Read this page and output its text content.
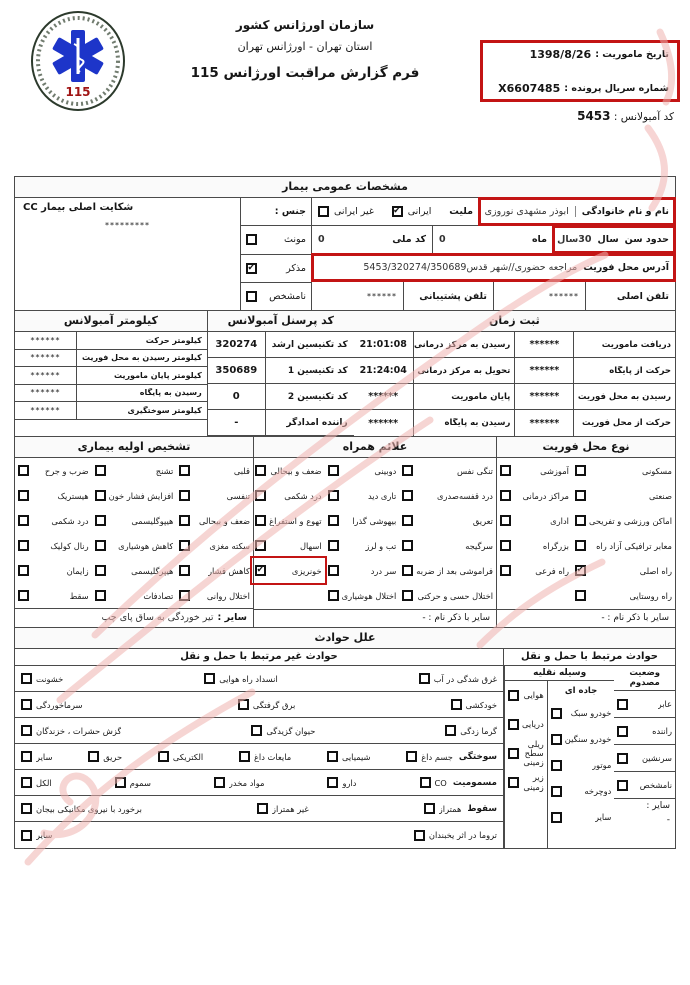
115
سازمان اورژانس کشور
استان تهران - اورژانس تهران
فرم گزارش مراقبت اورژانس 115
تاریخ ماموریت :
1398/8/26
شماره سریال پرونده :
X6607485
کد آمبولانس : 5453
مشخصات عمومی بیمار
نام و نام خانوادگی
ابوذر مشهدی نوروزی
ملیت
ایرانی
✔
غیر ایرانی
حدود سن
سال
30سال
ماه
0
کد ملی
0
آدرس محل فوریت
مراجعه حضوری//شهر قدس5453/320274/350689
تلفن اصلی
******
تلفن پشتیبانی
******
جنس :
مونث
مذکر
✔
نامشخص
شکایت اصلی بیمار CC
*********
ثبت زمان
دریافت ماموریت
******
رسیدن به مرکز درمانی
21:01:08
حرکت از پایگاه
******
تحویل به مرکز درمانی
21:24:04
رسیدن به محل فوریت
******
پایان ماموریت
******
حرکت از محل فوریت
******
رسیدن به پایگاه
******
کد پرسنل آمبولانس
کد تکنیسین ارشد
320274
کد تکنیسین 1
350689
کد تکنیسین 2
0
راننده امدادگر
-
کیلومتر آمبولانس
کیلومتر حرکت
******
کیلومتر رسیدن به محل فوریت
******
کیلومتر پایان ماموریت
******
رسیدن به پایگاه
******
کیلومتر سوختگیری
******
نوع محل فوریت
مسکونی
صنعتی
اماکن ورزشی و تفریحی
معابر ترافیکی آزاد راه
راه اصلی
✔
راه روستایی
آموزشی
مراکز درمانی
اداری
بزرگراه
راه فرعی
سایر با ذکر نام : -
علائم همراه
تنگی نفس
درد قفسه‌صدری
تعریق
سرگیجه
فراموشی بعد از ضربه
اختلال حسی و حرکتی
دوبینی
تاری دید
بیهوشی گذرا
تب و لرز
سر درد
اختلال هوشیاری
ضعف و بیحالی
درد شکمی
تهوع و استفراغ
اسهال
خونریزی
✔
سایر با ذکر نام : -
تشخیص اولیه بیماری
قلبی
تنفسی
ضعف و بیحالی
سکته مغزی
کاهش فشار
اختلال روانی
تشنج
افزایش فشار خون
هیپوگلیسمی
کاهش هوشیاری
هیپرگلیسمی
تصادفات
ضرب و جرح
هیستریک
درد شکمی
رنال کولیک
زایمان
سقط
سایر :
تیر خوردگی به ساق پای چپ
علل حوادث
حوادث مرتبط با حمل و نقل
وضعیت مصدوم
عابر
راننده
سرنشین
نامشخص
سایر :
-
وسیله نقلیه
جاده ای
خودرو سبک
خودرو سنگین
موتور
دوچرخه
سایر
هوایی
دریایی
ریلی سطح زمینی
زیر زمینی
حوادث غیر مرتبط با حمل و نقل
غرق شدگی در آب
انسداد راه هوایی
خشونت
خودکشی
برق گرفتگی
سرماخوردگی
گرما زدگی
حیوان گزیدگی
گزش حشرات ، خزندگان
سوختگی
جسم داغ
شیمیایی
مایعات داغ
الکتریکی
حریق
سایر
مسمومیت
CO
دارو
مواد مخدر
سموم
الکل
سقوط
همتراز
غیر همتراز
برخورد با نیروی مکانیکی بیجان
تروما در اثر یخبندان
سایر
